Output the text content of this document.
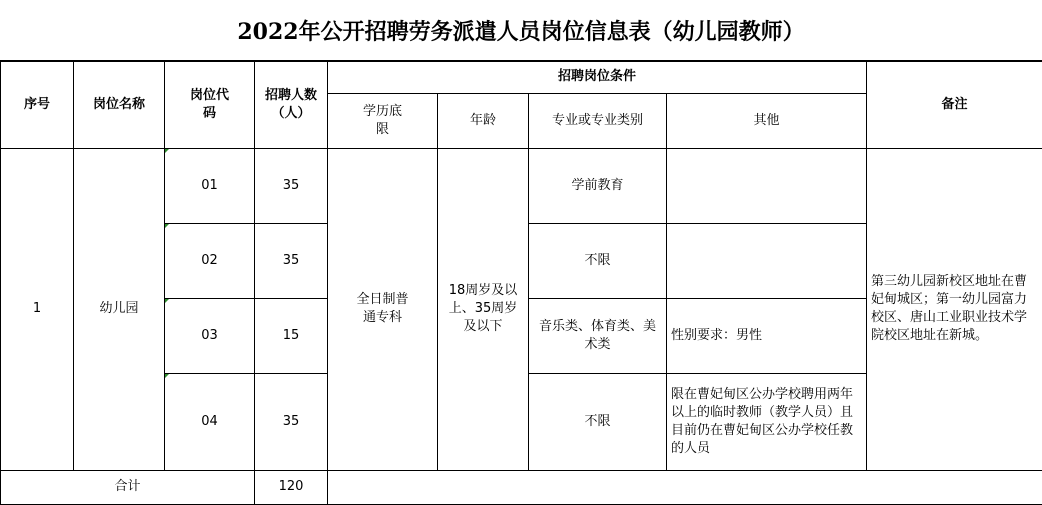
2022年公开招聘劳务派遣人员岗位信息表（幼儿园教师）
序号	岗位名称	岗位代码	招聘人数（人）	招聘岗位条件				备注

				学历底限	年龄	专业或专业类别	其他	
1	幼儿园	01	35	全日制普通专科	18周岁及以上、35周岁及以下	学前教育		第三幼儿园新校区地址在曹妃甸城区；第一幼儿园富力校区、唐山工业职业技术学院校区地址在新城。

		02	35			不限		
		03	15			音乐类、体育类、美术类	性别要求：男性	
		04	35			不限	限在曹妃甸区公办学校聘用两年以上的临时教师（教学人员）且目前仍在曹妃甸区公办学校任教的人员	
合计			120					
